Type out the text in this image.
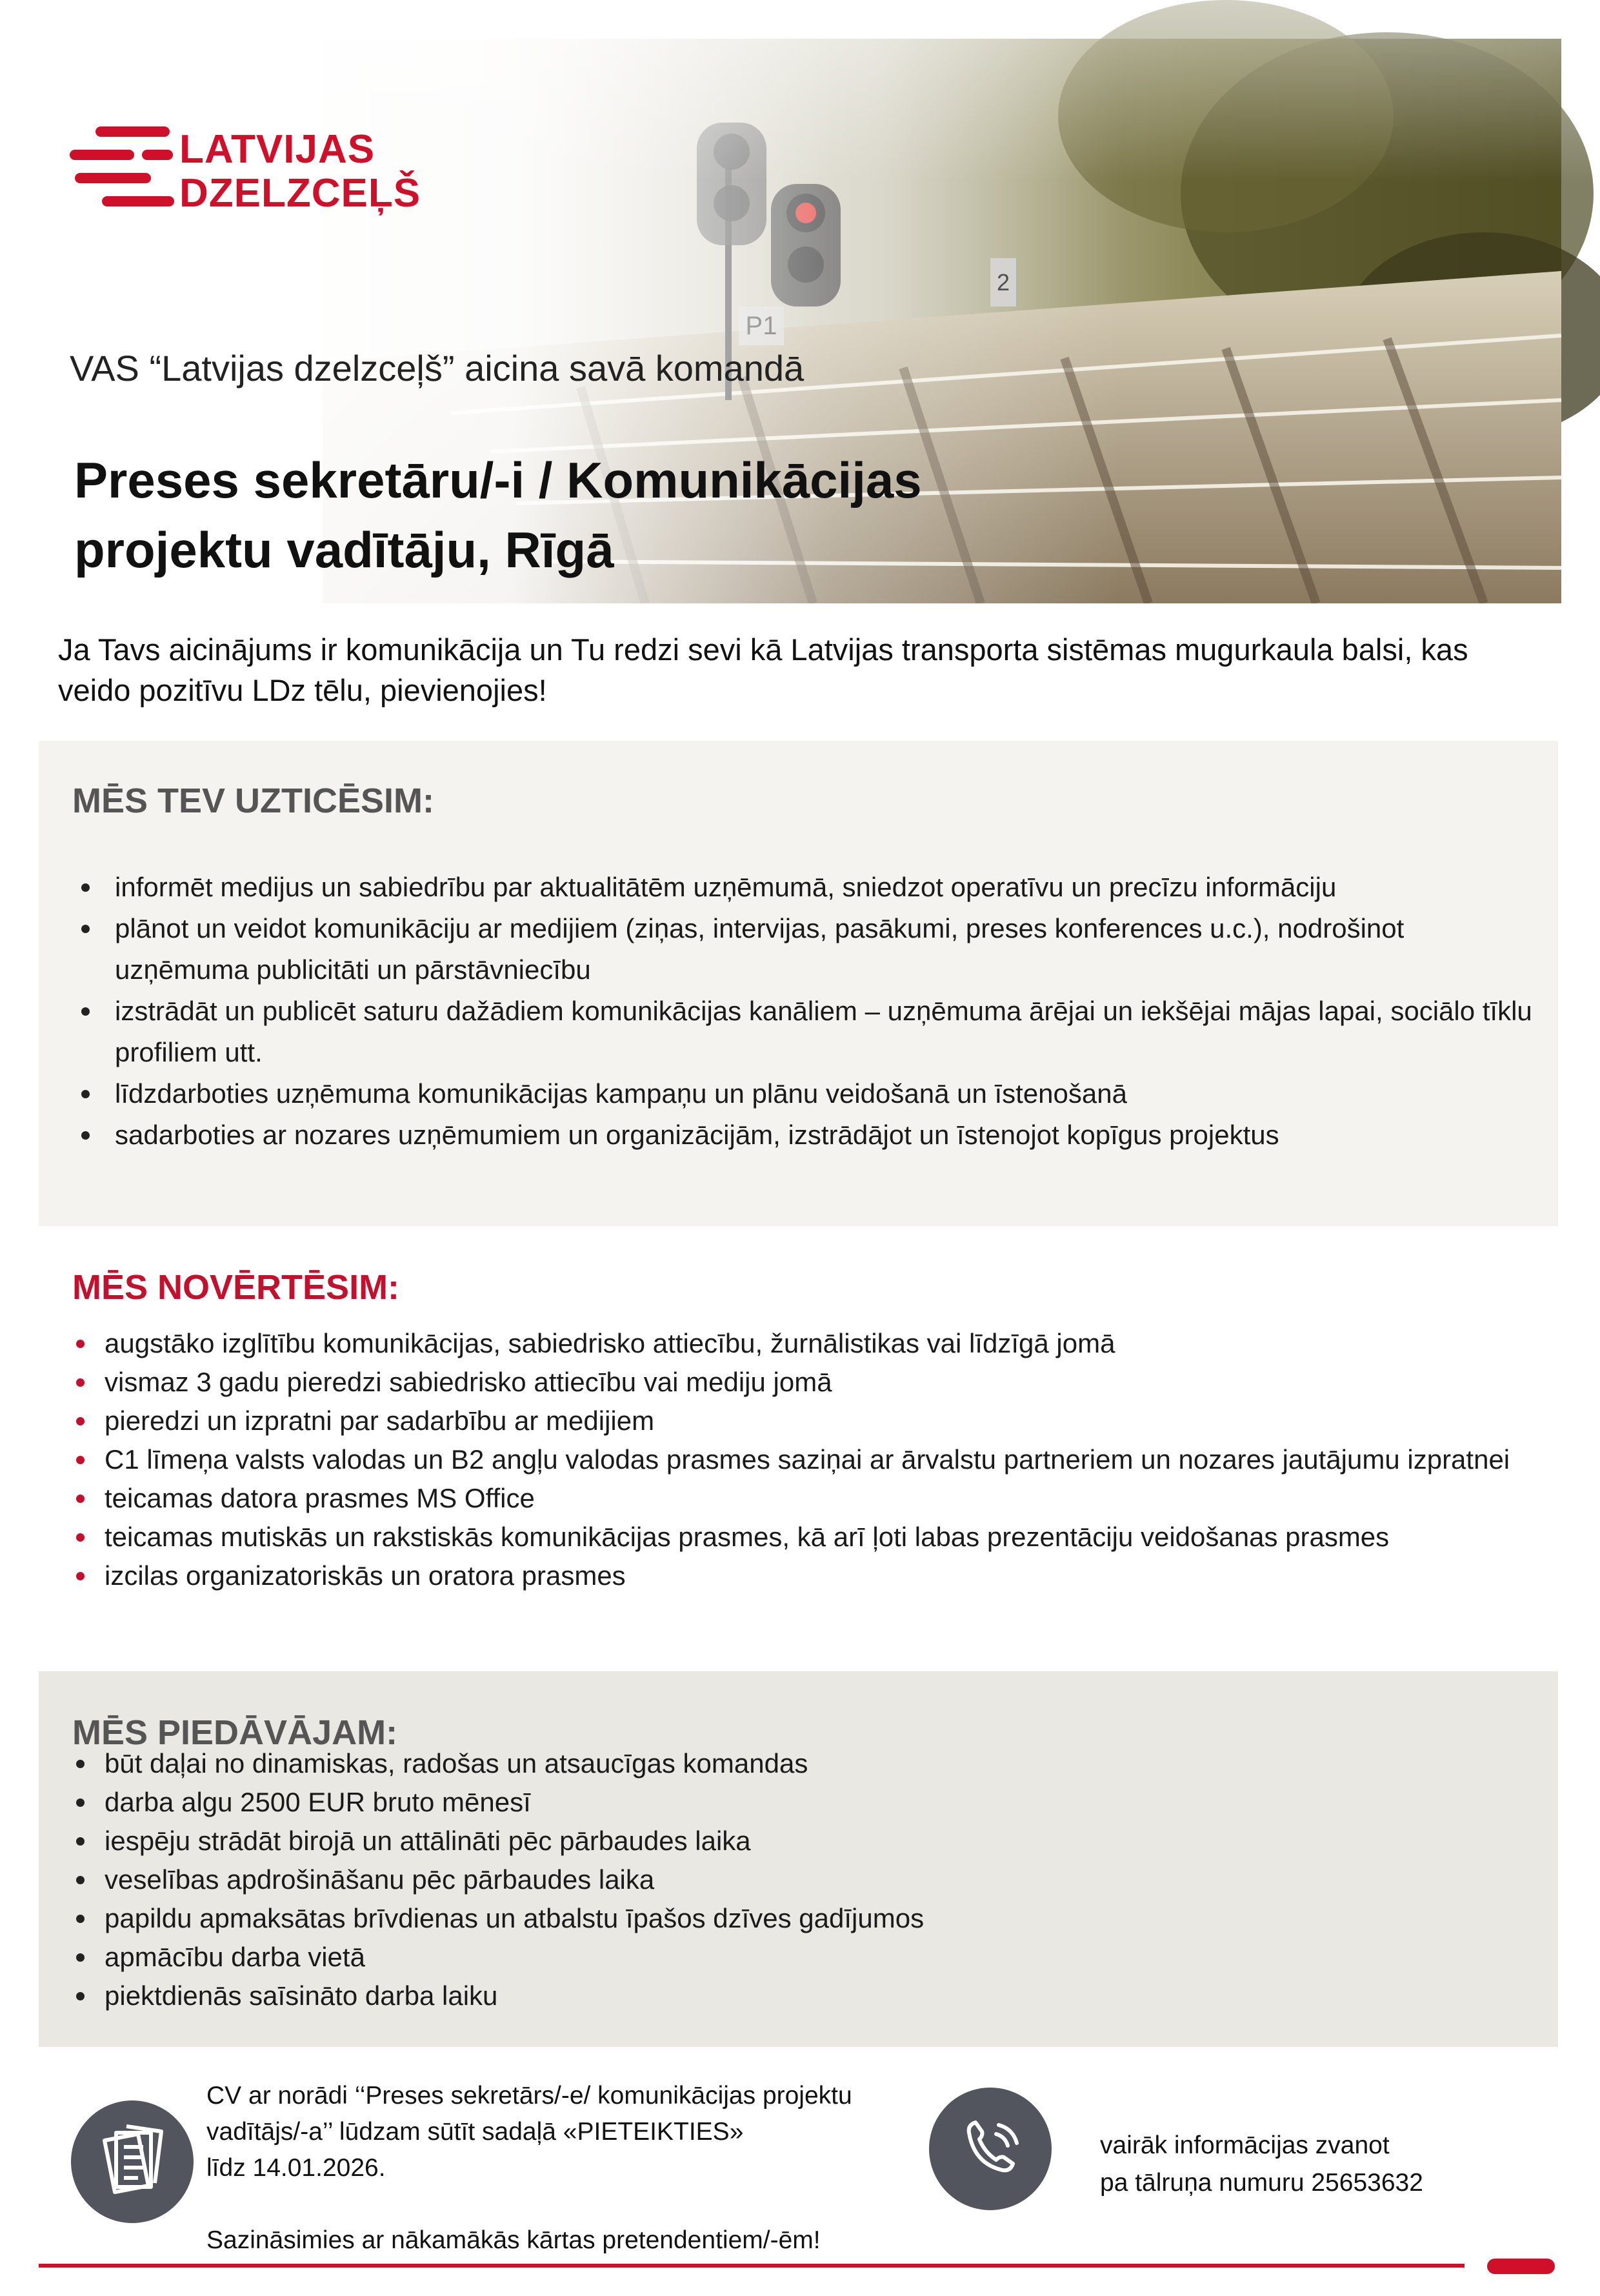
LATVIJAS
DZELZCEĻŠ
VAS “Latvijas dzelzceļš” aicina savā komandā
Preses sekretāru/-i / Komunikācijas
projektu vadītāju, Rīgā
Ja Tavs aicinājums ir komunikācija un Tu redzi sevi kā Latvijas transporta sistēmas mugurkaula balsi, kas veido pozitīvu LDz tēlu, pievienojies!
MĒS TEV UZTICĒSIM:
informēt medijus un sabiedrību par aktualitātēm uzņēmumā, sniedzot operatīvu un precīzu informāciju
plānot un veidot komunikāciju ar medijiem (ziņas, intervijas, pasākumi, preses konferences u.c.), nodrošinot uzņēmuma publicitāti un pārstāvniecību
izstrādāt un publicēt saturu dažādiem komunikācijas kanāliem – uzņēmuma ārējai un iekšējai mājas lapai, sociālo tīklu profiliem utt.
līdzdarboties uzņēmuma komunikācijas kampaņu un plānu veidošanā un īstenošanā
sadarboties ar nozares uzņēmumiem un organizācijām, izstrādājot un īstenojot kopīgus projektus
MĒS NOVĒRTĒSIM:
augstāko izglītību komunikācijas, sabiedrisko attiecību, žurnālistikas vai līdzīgā jomā
vismaz 3 gadu pieredzi sabiedrisko attiecību vai mediju jomā
pieredzi un izpratni par sadarbību ar medijiem
C1 līmeņa valsts valodas un B2 angļu valodas prasmes saziņai ar ārvalstu partneriem un nozares jautājumu izpratnei
teicamas datora prasmes MS Office
teicamas mutiskās un rakstiskās komunikācijas prasmes, kā arī ļoti labas prezentāciju veidošanas prasmes
izcilas organizatoriskās un oratora prasmes
MĒS PIEDĀVĀJAM:
būt daļai no dinamiskas, radošas un atsaucīgas komandas
darba algu 2500 EUR bruto mēnesī
iespēju strādāt birojā un attālināti pēc pārbaudes laika
veselības apdrošināšanu pēc pārbaudes laika
papildu apmaksātas brīvdienas un atbalstu īpašos dzīves gadījumos
apmācību darba vietā
piektdienās saīsināto darba laiku

CV ar norādi ‘‘Preses sekretārs/-e/ komunikācijas projektu

vadītājs/-a’’ lūdzam sūtīt sadaļā «PIETEIKTIES»

līdz 14.01.2026.

Sazināsimies ar nākamākās kārtas pretendentiem/-ēm!

vairāk informācijas zvanot
pa tālruņa numuru 25653632
